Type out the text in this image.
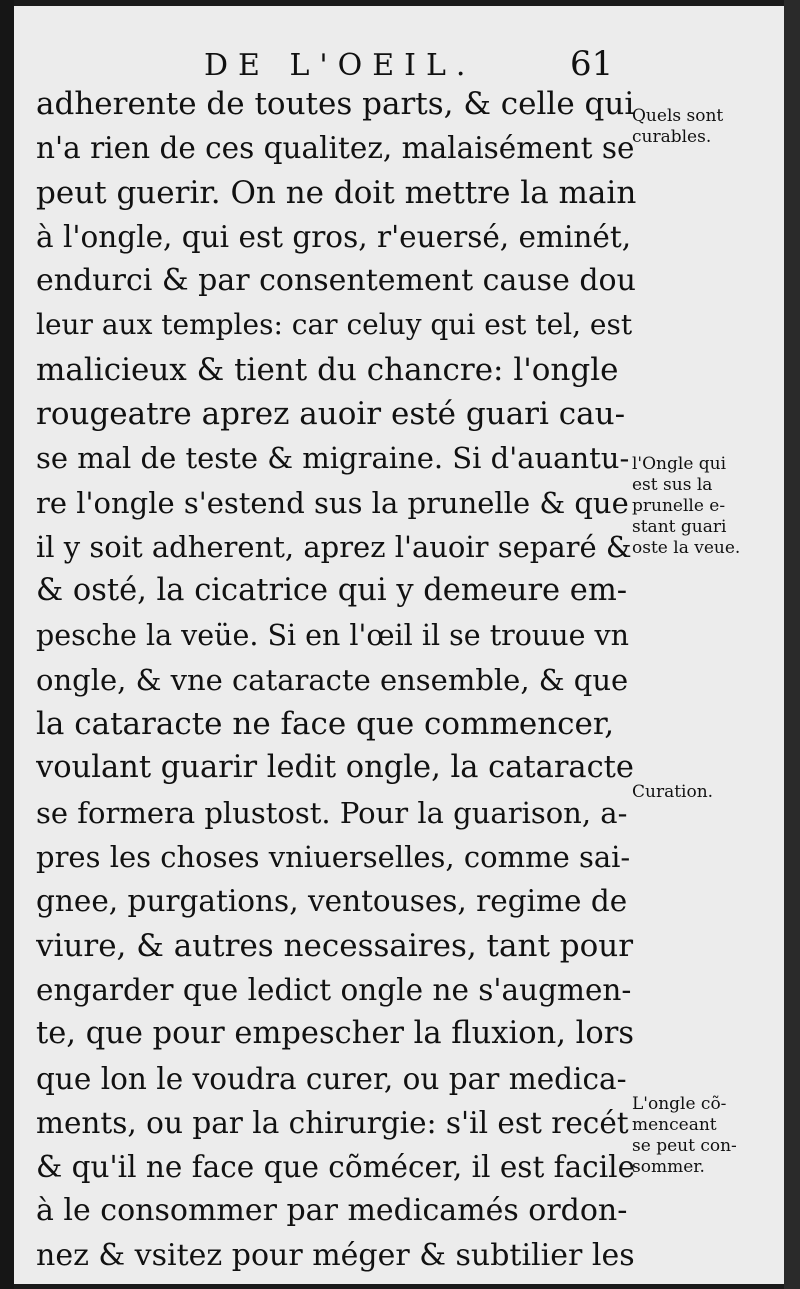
DE L'OEIL.	61
adherente de toutes parts, & celle qui
n'a rien de ces qualitez, malaisément se
peut guerir. On ne doit mettre la main
à l'ongle, qui est gros, r'euersé, eminét,
endurci & par consentement cause dou
leur aux temples: car celuy qui est tel, est
malicieux & tient du chancre: l'ongle
rougeatre aprez auoir esté guari cau-
se mal de teste & migraine. Si d'auantu-
re l'ongle s'estend sus la prunelle & que
il y soit adherent, aprez l'auoir separé &
& osté, la cicatrice qui y demeure em-
pesche la veüe. Si en l'œil il se trouue vn
ongle, & vne cataracte ensemble, & que
la cataracte ne face que commencer,
voulant guarir ledit ongle, la cataracte
se formera plustost. Pour la guarison, a-
pres les choses vniuerselles, comme sai-
gnee, purgations, ventouses, regime de
viure, & autres necessaires, tant pour
engarder que ledict ongle ne s'augmen-
te, que pour empescher la fluxion, lors
que lon le voudra curer, ou par medica-
ments, ou par la chirurgie: s'il est recét
& qu'il ne face que cõmécer, il est facile
à le consommer par medicamés ordon-
nez & vsitez pour méger & subtilier les
Quels sont
curables.
l'Ongle qui
est sus la
prunelle e-
stant guari
oste la veue.
Curation.
L'ongle cõ-
menceant
se peut con-
sommer.
